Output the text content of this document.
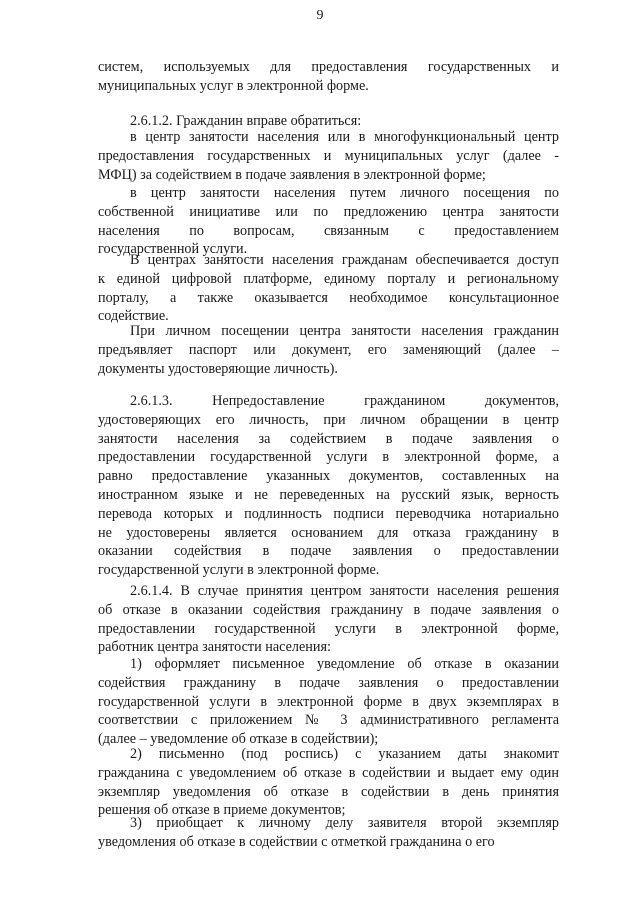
9
систем, используемых для предоставления государственных и
муниципальных услуг в электронной форме.
2.6.1.2. Гражданин вправе обратиться:
в центр занятости населения или в многофункциональный центр
предоставления государственных и муниципальных услуг (далее -
МФЦ) за содействием в подаче заявления в электронной форме;
в центр занятости населения путем личного посещения по
собственной инициативе или по предложению центра занятости
населения по вопросам, связанным с предоставлением
государственной услуги.
В центрах занятости населения гражданам обеспечивается доступ
к единой цифровой платформе, единому порталу и региональному
порталу, а также оказывается необходимое консультационное
содействие.
При личном посещении центра занятости населения гражданин
предъявляет паспорт или документ, его заменяющий (далее –
документы удостоверяющие личность).
2.6.1.3. Непредоставление гражданином документов,
удостоверяющих его личность, при личном обращении в центр
занятости населения за содействием в подаче заявления о
предоставлении государственной услуги в электронной форме, а
равно предоставление указанных документов, составленных на
иностранном языке и не переведенных на русский язык, верность
перевода которых и подлинность подписи переводчика нотариально
не удостоверены является основанием для отказа гражданину в
оказании содействия в подаче заявления о предоставлении
государственной услуги в электронной форме.
2.6.1.4. В случае принятия центром занятости населения решения
об отказе в оказании содействия гражданину в подаче заявления о
предоставлении государственной услуги в электронной форме,
работник центра занятости населения:
1) оформляет письменное уведомление об отказе в оказании
содействия гражданину в подаче заявления о предоставлении
государственной услуги в электронной форме в двух экземплярах в
соответствии с приложением № 3 административного регламента
(далее – уведомление об отказе в содействии);
2) письменно (под роспись) с указанием даты знакомит
гражданина с уведомлением об отказе в содействии и выдает ему один
экземпляр уведомления об отказе в содействии в день принятия
решения об отказе в приеме документов;
3) приобщает к личному делу заявителя второй экземпляр
уведомления об отказе в содействии с отметкой гражданина о его
